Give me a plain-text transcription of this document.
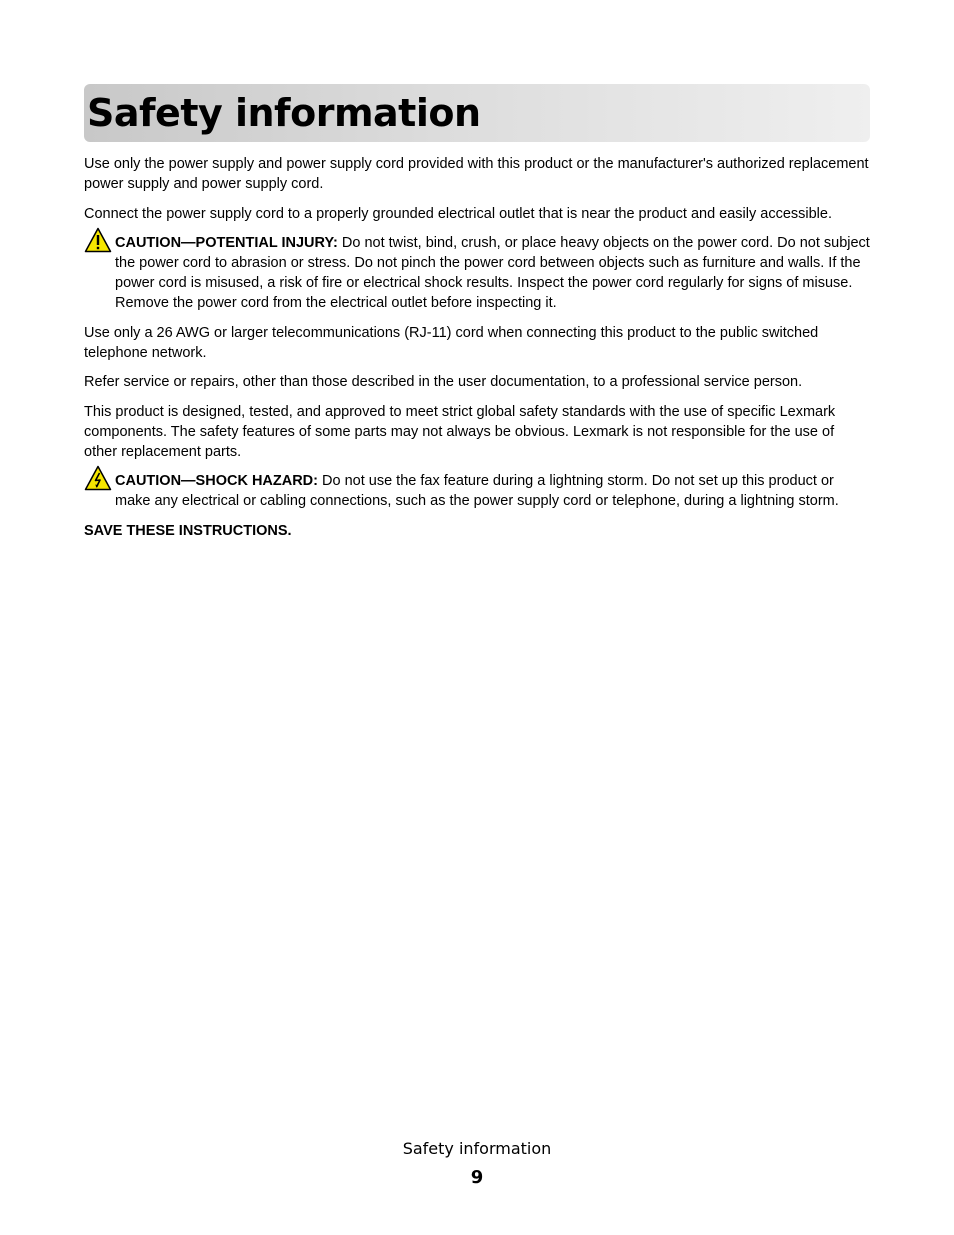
Safety information

Use only the power supply and power supply cord provided with this product or the manufacturer's authorized replacement power supply and power supply cord.

Connect the power supply cord to a properly grounded electrical outlet that is near the product and easily accessible.

CAUTION—POTENTIAL INJURY: Do not twist, bind, crush, or place heavy objects on the power cord. Do not subject the power cord to abrasion or stress. Do not pinch the power cord between objects such as furniture and walls. If the power cord is misused, a risk of fire or electrical shock results. Inspect the power cord regularly for signs of misuse. Remove the power cord from the electrical outlet before inspecting it.

Use only a 26 AWG or larger telecommunications (RJ-11) cord when connecting this product to the public switched telephone network.

Refer service or repairs, other than those described in the user documentation, to a professional service person.

This product is designed, tested, and approved to meet strict global safety standards with the use of specific Lexmark components. The safety features of some parts may not always be obvious. Lexmark is not responsible for the use of other replacement parts.

CAUTION—SHOCK HAZARD: Do not use the fax feature during a lightning storm. Do not set up this product or make any electrical or cabling connections, such as the power supply cord or telephone, during a lightning storm.

SAVE THESE INSTRUCTIONS.

Safety information
9
